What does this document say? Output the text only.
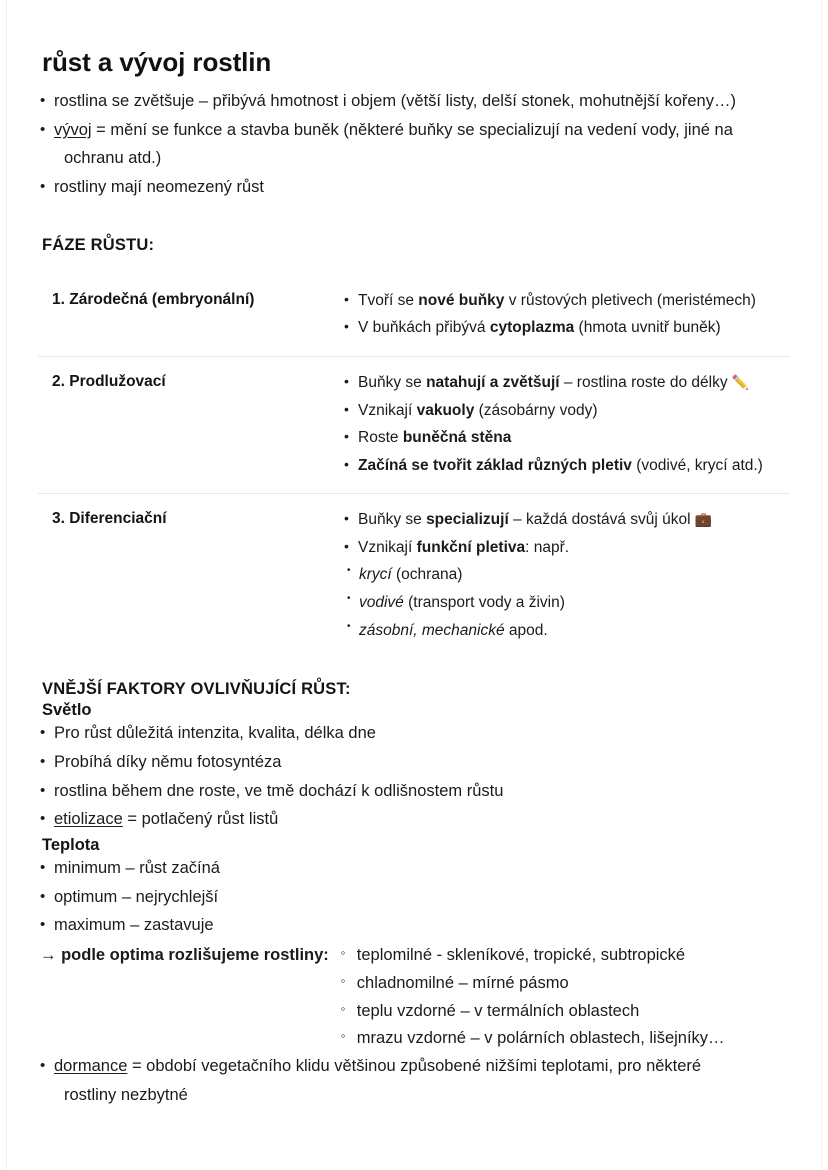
růst a vývoj rostlin
• rostlina se zvětšuje – přibývá hmotnost i objem (větší listy, delší stonek, mohutnější kořeny…)
• vývoj = mění se funkce a stavba buněk (některé buňky se specializují na vedení vody, jiné na
ochranu atd.)
• rostliny mají neomezený růst
FÁZE RŮSTU:
1. Zárodečná (embryonální)	• Tvoří se nové buňky v růstových pletivech (meristémech)
• V buňkách přibývá cytoplazma (hmota uvnitř buněk)
2. Prodlužovací	• Buňky se natahují a zvětšují – rostlina roste do délky ✏️
• Vznikají vakuoly (zásobárny vody)
• Roste buněčná stěna
• Začíná se tvořit základ různých pletiv (vodivé, krycí atd.)
3. Diferenciační	• Buňky se specializují – každá dostává svůj úkol 💼
• Vznikají funkční pletiva: např.
• krycí (ochrana)
• vodivé (transport vody a živin)
• zásobní, mechanické apod.
VNĚJŠÍ FAKTORY OVLIVŇUJÍCÍ RŮST:
Světlo
• Pro růst důležitá intenzita, kvalita, délka dne
• Probíhá díky němu fotosyntéza
• rostlina během dne roste, ve tmě dochází k odlišnostem růstu
• etiolizace = potlačený růst listů
Teplota
• minimum – růst začíná
• optimum – nejrychlejší
• maximum – zastavuje
→ podle optima rozlišujeme rostliny:	◦ teplomilné - skleníkové, tropické, subtropické
◦ chladnomilné – mírné pásmo
◦ teplu vzdorné – v termálních oblastech
◦ mrazu vzdorné – v polárních oblastech, lišejníky…
• dormance = období vegetačního klidu většinou způsobené nižšími teplotami, pro některé
rostliny nezbytné
